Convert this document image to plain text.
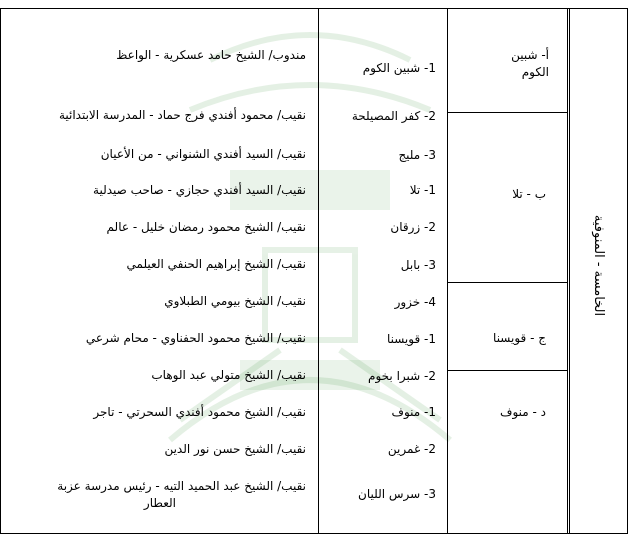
الخامسة - المنوفية
أ- شبين
الكوم
ب - تلا
ج - قويسنا
د - منوف
1- شبين الكوم
2- كفر المصيلحة
3- مليج
1- تلا
2- زرقان
3- بابل
4- خزور
1- قويسنا
2- شبرا بخوم
1- منوف
2- غمرين
3- سرس الليان
مندوب/ الشيخ حامد عسكرية - الواعظ
نقيب/ محمود أفندي فرج حماد - المدرسة الابتدائية
نقيب/ السيد أفندي الشنواني - من الأعيان
نقيب/ السيد أفندي حجازي - صاحب صيدلية
نقيب/ الشيخ محمود رمضان خليل - عالم
نقيب/ الشيخ إبراهيم الحنفي العيلمي
نقيب/ الشيخ بيومي الطبلاوي
نقيب/ الشيخ محمود الحفناوي - محام شرعي
نقيب/ الشيخ متولي عبد الوهاب
نقيب/ الشيخ محمود أفندي السحرتي - تاجر
نقيب/ الشيخ حسن نور الدين
نقيب/ الشيخ عبد الحميد التيه - رئيس مدرسة عزبة
العطار
